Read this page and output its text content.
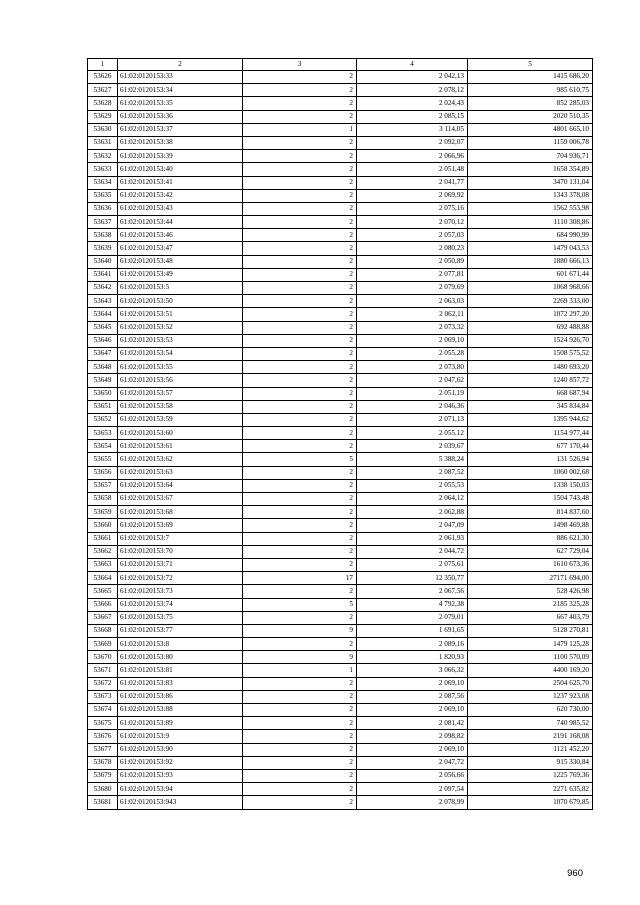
1	2	3	4	5
53626	61:02:0120153:33	2	2 042,13	1415 686,20
53627	61:02:0120153:34	2	2 078,12	985 610,75
53628	61:02:0120153:35	2	2 024,43	852 285,03
53629	61:02:0120153:36	2	2 085,15	2020 510,35
53630	61:02:0120153:37	1	3 114,05	4801 665,10
53631	61:02:0120153:38	2	2 092,07	1159 006,78
53632	61:02:0120153:39	2	2 066,96	704 936,71
53633	61:02:0120153:40	2	2 051,48	1658 354,89
53634	61:02:0120153:41	2	2 041,77	3470 131,04
53635	61:02:0120153:42	2	2 069,92	1343 378,08
53636	61:02:0120153:43	2	2 075,16	1562 553,98
53637	61:02:0120153:44	2	2 070,12	1110 308,86
53638	61:02:0120153:46	2	2 057,03	684 990,99
53639	61:02:0120153:47	2	2 080,23	1479 043,53
53640	61:02:0120153:48	2	2 050,89	1880 666,13
53641	61:02:0120153:49	2	2 077,81	601 671,44
53642	61:02:0120153:5	2	2 079,69	1068 968,66
53643	61:02:0120153:50	2	2 063,03	2269 333,00
53644	61:02:0120153:51	2	2 062,11	1072 297,20
53645	61:02:0120153:52	2	2 073,32	692 488,88
53646	61:02:0120153:53	2	2 069,10	1524 926,70
53647	61:02:0120153:54	2	2 055,28	1508 575,52
53648	61:02:0120153:55	2	2 073,80	1480 693,20
53649	61:02:0120153:56	2	2 047,62	1240 857,72
53650	61:02:0120153:57	2	2 051,19	668 687,94
53651	61:02:0120153:58	2	2 046,36	345 834,84
53652	61:02:0120153:59	2	2 071,13	1395 944,62
53653	61:02:0120153:60	2	2 055,12	1154 977,44
53654	61:02:0120153:61	2	2 039,67	677 170,44
53655	61:02:0120153:62	5	5 388,24	131 526,94
53656	61:02:0120153:63	2	2 087,52	1060 002,68
53657	61:02:0120153:64	2	2 055,53	1338 150,03
53658	61:02:0120153:67	2	2 064,12	1504 743,48
53659	61:02:0120153:68	2	2 062,88	814 837,60
53660	61:02:0120153:69	2	2 047,09	1498 469,88
53661	61:02:0120153:7	2	2 061,93	886 621,30
53662	61:02:0120153:70	2	2 044,72	627 729,04
53663	61:02:0120153:71	2	2 075,61	1610 673,36
53664	61:02:0120153:72	17	12 350,77	27171 694,00
53665	61:02:0120153:73	2	2 067,56	528 426,98
53666	61:02:0120153:74	5	4 792,38	2185 325,28
53667	61:02:0120153:75	2	2 079,01	667 403,79
53668	61:02:0120153:77	9	1 691,65	5128 270,81
53669	61:02:0120153:8	2	2 089,16	1479 125,28
53670	61:02:0120153:80	9	1 820,93	1100 570,09
53671	61:02:0120153:81	1	3 066,32	4400 169,20
53672	61:02:0120153:83	2	2 069,10	2504 625,70
53673	61:02:0120153:86	2	2 087,56	1237 923,08
53674	61:02:0120153:88	2	2 069,10	620 730,00
53675	61:02:0120153:89	2	2 081,42	740 985,52
53676	61:02:0120153:9	2	2 098,82	2191 168,08
53677	61:02:0120153:90	2	2 069,10	1121 452,20
53678	61:02:0120153:92	2	2 047,72	915 330,84
53679	61:02:0120153:93	2	2 056,66	1225 769,36
53680	61:02:0120153:94	2	2 097,54	2271 635,82
53681	61:02:0120153:943	2	2 078,99	1070 679,85
960
